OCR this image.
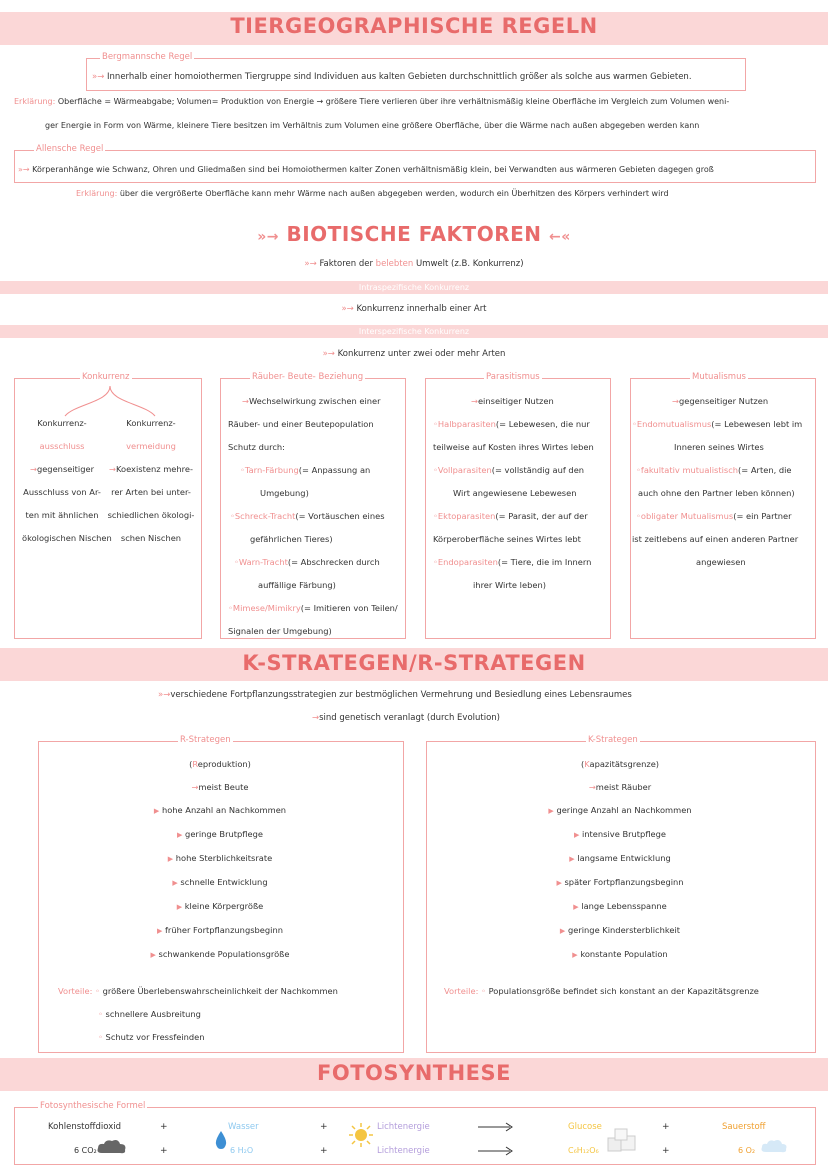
TIERGEOGRAPHISCHE REGELN
Bergmannsche Regel
»→ Innerhalb einer homoiothermen Tiergruppe sind Individuen aus kalten Gebieten durchschnittlich größer als solche aus warmen Gebieten.
Erklärung: Oberfläche = Wärmeabgabe; Volumen= Produktion von Energie → größere Tiere verlieren über ihre verhältnismäßig kleine Oberfläche im Vergleich zum Volumen weni-
ger Energie in Form von Wärme, kleinere Tiere besitzen im Verhältnis zum Volumen eine größere Oberfläche, über die Wärme nach außen abgegeben werden kann
Allensche Regel
»→ Körperanhänge wie Schwanz, Ohren und Gliedmaßen sind bei Homoiothermen kalter Zonen verhältnismäßig klein, bei Verwandten aus wärmeren Gebieten dagegen groß
Erklärung: über die vergrößerte Oberfläche kann mehr Wärme nach außen abgegeben werden, wodurch ein Überhitzen des Körpers verhindert wird
»→ BIOTISCHE FAKTOREN ←«
»→ Faktoren der belebten Umwelt (z.B. Konkurrenz)
Intraspezifische Konkurrenz
»→ Konkurrenz innerhalb einer Art
Interspezifische Konkurrenz
»→ Konkurrenz unter zwei oder mehr Arten
Konkurrenz
Konkurrenz-
ausschluss
→gegenseitiger
Ausschluss von Ar-
ten mit ähnlichen
ökologischen Nischen
Konkurrenz-
vermeidung
→Koexistenz mehre-
rer Arten bei unter-
schiedlichen ökologi-
schen Nischen
Räuber- Beute- Beziehung
→Wechselwirkung zwischen einer
Räuber- und einer Beutepopulation
Schutz durch:
◦Tarn-Färbung(= Anpassung an
Umgebung)
◦Schreck-Tracht(= Vortäuschen eines
gefährlichen Tieres)
◦Warn-Tracht(= Abschrecken durch
auffällige Färbung)
◦Mimese/Mimikry(= Imitieren von Teilen/
Signalen der Umgebung)
Parasitismus
→einseitiger Nutzen
◦Halbparasiten(= Lebewesen, die nur
teilweise auf Kosten ihres Wirtes leben
◦Vollparasiten(= vollständig auf den
Wirt angewiesene Lebewesen
◦Ektoparasiten(= Parasit, der auf der
Körperoberfläche seines Wirtes lebt
◦Endoparasiten(= Tiere, die im Innern
ihrer Wirte leben)
Mutualismus
→gegenseitiger Nutzen
◦Endomutualismus(= Lebewesen lebt im
Inneren seines Wirtes
◦fakultativ mutualistisch(= Arten, die
auch ohne den Partner leben können)
◦obligater Mutualismus(= ein Partner
ist zeitlebens auf einen anderen Partner
angewiesen
K-STRATEGEN/R-STRATEGEN
»→verschiedene Fortpflanzungsstrategien zur bestmöglichen Vermehrung und Besiedlung eines Lebensraumes
→sind genetisch veranlagt (durch Evolution)
R-Strategen
(Reproduktion)
→meist Beute
▶ hohe Anzahl an Nachkommen
▶ geringe Brutpflege
▶ hohe Sterblichkeitsrate
▶ schnelle Entwicklung
▶ kleine Körpergröße
▶ früher Fortpflanzungsbeginn
▶ schwankende Populationsgröße
Vorteile: ◦ größere Überlebenswahrscheinlichkeit der Nachkommen
◦ schnellere Ausbreitung
◦ Schutz vor Fressfeinden
K-Strategen
(Kapazitätsgrenze)
→meist Räuber
▶ geringe Anzahl an Nachkommen
▶ intensive Brutpflege
▶ langsame Entwicklung
▶ später Fortpflanzungsbeginn
▶ lange Lebensspanne
▶ geringe Kindersterblichkeit
▶ konstante Population
Vorteile: ◦ Populationsgröße befindet sich konstant an der Kapazitätsgrenze
FOTOSYNTHESE
Fotosynthesische Formel
Kohlenstoffdioxid	+	Wasser	+	Lichtenergie	Glucose	+	Sauerstoff
6 CO₂	+	6 H₂O	+	Lichtenergie	C₆H₁₂O₆	+	6 O₂
